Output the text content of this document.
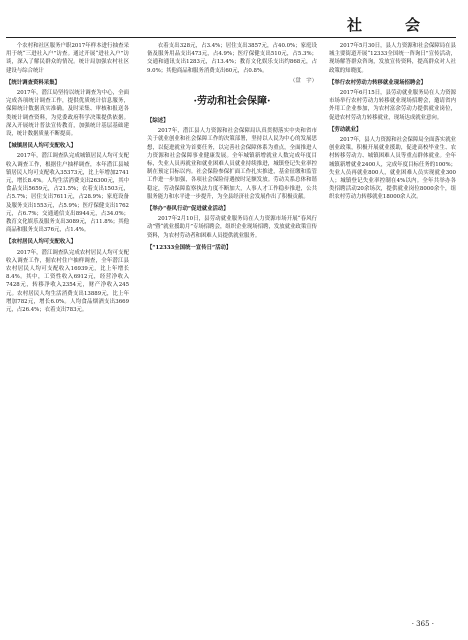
社　会

个农村和社区服务户职2017年样本进行抽查采用于统“三进社入户”访查。通过开展“进社入户”访谈，深入了解民群众的情况。统计局加强农村社区建设与综合统计

【统计调查资料采集】

2017年，潜江局坚持以统计调查为中心，全面完成各项统计调查工作，提供优质统计信息服务，保障统计数据真实准确。及时采集、审核和报送各类统计调查资料，为党委政府科学决策提供依据。深入开展统计普法宣传教育，加强统计基层基础建设，统计数据质量不断提高。

【城镇居民人均可支配收入】

2017年，潜江调查队完成城镇居民人均可支配收入调查工作，根据住户抽样调查，本年潜江县城镇居民人均可支配收入35373元，比上年增加2741元，增长8.4%。人均生活消费支出26300元，其中食品支出5659元，占21.5%；衣着支出1503元，占5.7%；居住支出7611元，占28.9%；家庭设备及服务支出1553元，占5.9%；医疗保健支出1762元，占6.7%；交通通信支出8944元，占34.0%；教育文化娱乐及服务支出3089元，占11.8%；其他商品和服务支出376元，占1.4%。

【农村居民人均可支配收入】

2017年，潜江调查队完成农村居民人均可支配收入调查工作，据农村住户抽样调查，全年潜江县农村居民人均可支配收入16939元，比上年增长8.4%。其中，工资性收入6912元，经营净收入7428元，转移净收入2354元，财产净收入245元。农村居民人均生活消费支出13889元，比上年增加782元，增长6.0%。人均食品烟酒支出3669元，占26.4%；衣着支出783元。

衣着支出328元，占3.4%；居住支出3857元，占40.0%；家庭设备及服务用品支出473元，占4.9%；医疗保健支出510元，占5.3%；交通和通讯支出1283元，占13.4%；教育文化娱乐支出约868元，占9.0%；其他商品和服务消费支出60元，占0.8%。

（盘　宇）

·劳动和社会保障·

【综述】

2017年，潜江县人力资源和社会保障局认真贯彻落实中央和省市关于就业创业和社会保障工作的决策部署，坚持以人民为中心的发展思想，以促进就业为首要任务，以完善社会保障体系为重点，全面推进人力资源和社会保障事业健康发展。全年城镇新增就业人数完成年度目标，失业人员再就业和就业困难人员就业持续推进，城镇登记失业率控制在预定目标以内。社会保险参保扩面工作扎实推进，基金征缴和监管工作进一步加强，各项社会保险待遇按时足额发放。劳动关系总体和谐稳定，劳动保障监察执法力度不断加大，人事人才工作稳步推进，公共服务能力和水平进一步提升，为全县经济社会发展作出了积极贡献。

【举办“春风行动”促进就业活动】

2017年2月10日，县劳动就业服务局在人力资源市场开展“春风行动”暨“就业援助月”专场招聘会，组织企业现场招聘，发放就业政策宣传资料，为农村劳动者和困难人员提供就业服务。

【“12333全国统一宣传日”活动】

2017年5月30日，县人力资源和社会保障局在县城主要街道开展“12333全国统一咨询日”宣传活动，现场解答群众咨询，发放宣传资料，提高群众对人社政策的知晓度。

【举行农村劳动力转移就业现场招聘会】

2017年6月15日，县劳动就业服务局在人力资源市场举行农村劳动力转移就业现场招聘会，邀请省内外用工企业参加，为农村富余劳动力提供就业岗位，促进农村劳动力转移就业，现场达成就业意向。

【劳动就业】

2017年，县人力资源和社会保障局全面落实就业创业政策，积极开展就业援助，促进高校毕业生、农村转移劳动力、城镇困难人员等重点群体就业。全年城镇新增就业2400人，完成年度目标任务的100%；失业人员再就业800人，就业困难人员实现就业300人；城镇登记失业率控制在4%以内。全年共举办各类招聘活动20余场次，提供就业岗位8000余个，组织农村劳动力转移就业18000余人次。

· 365 ·
